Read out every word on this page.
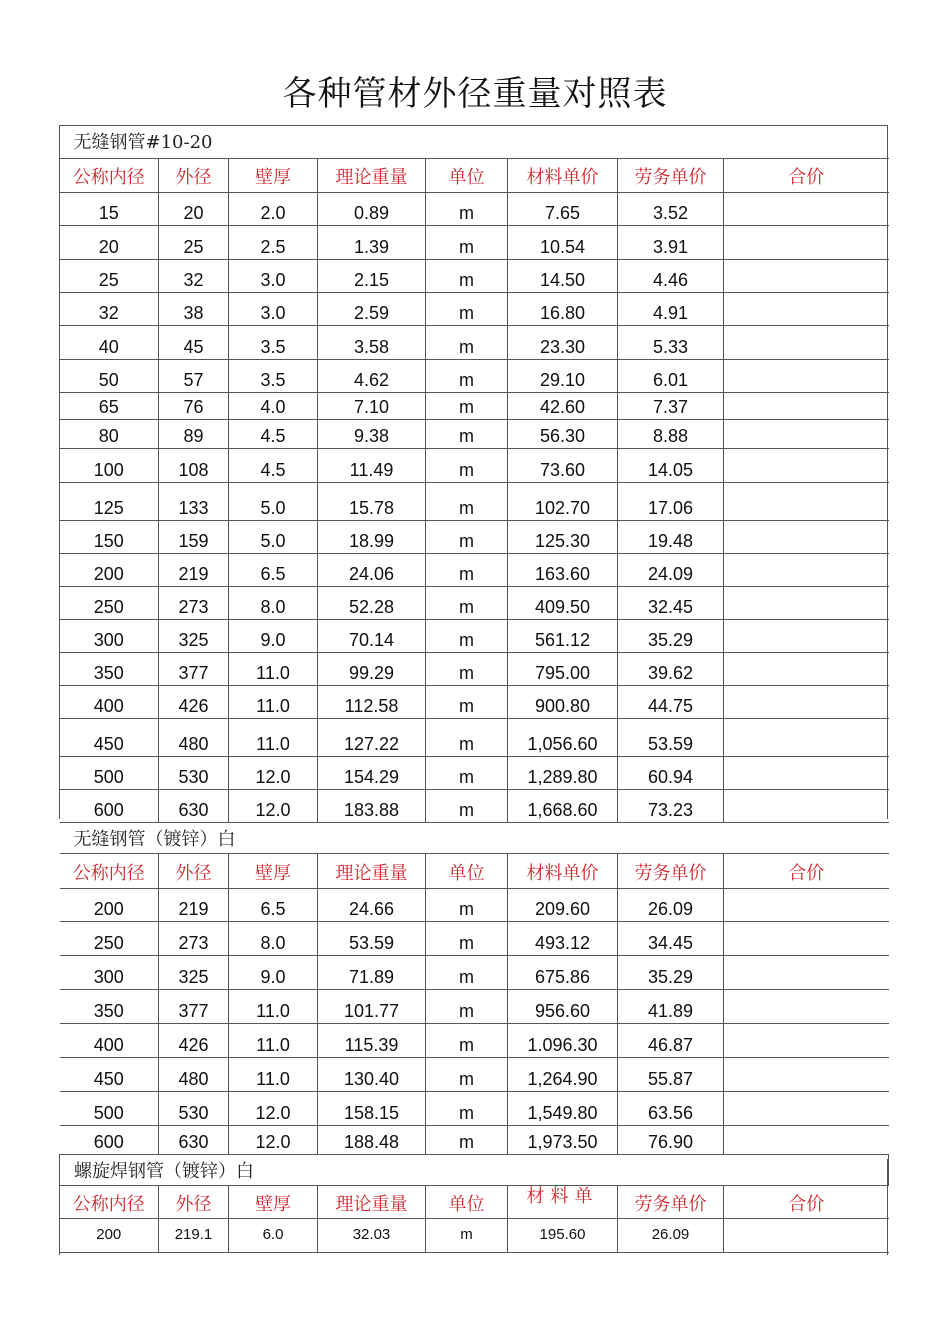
各种管材外径重量对照表
无缝钢管#10-20							
公称内径	外径	壁厚	理论重量	单位	材料单价	劳务单价	合价
15	20	2.0	0.89	m	7.65	3.52	
20	25	2.5	1.39	m	10.54	3.91	
25	32	3.0	2.15	m	14.50	4.46	
32	38	3.0	2.59	m	16.80	4.91	
40	45	3.5	3.58	m	23.30	5.33	
50	57	3.5	4.62	m	29.10	6.01	
65	76	4.0	7.10	m	42.60	7.37	
80	89	4.5	9.38	m	56.30	8.88	
100	108	4.5	11.49	m	73.60	14.05	
125	133	5.0	15.78	m	102.70	17.06	
150	159	5.0	18.99	m	125.30	19.48	
200	219	6.5	24.06	m	163.60	24.09	
250	273	8.0	52.28	m	409.50	32.45	
300	325	9.0	70.14	m	561.12	35.29	
350	377	11.0	99.29	m	795.00	39.62	
400	426	11.0	112.58	m	900.80	44.75	
450	480	11.0	127.22	m	1,056.60	53.59	
500	530	12.0	154.29	m	1,289.80	60.94	
600	630	12.0	183.88	m	1,668.60	73.23	
无缝钢管（镀锌）白							
公称内径	外径	壁厚	理论重量	单位	材料单价	劳务单价	合价
200	219	6.5	24.66	m	209.60	26.09	
250	273	8.0	53.59	m	493.12	34.45	
300	325	9.0	71.89	m	675.86	35.29	
350	377	11.0	101.77	m	956.60	41.89	
400	426	11.0	115.39	m	1.096.30	46.87	
450	480	11.0	130.40	m	1,264.90	55.87	
500	530	12.0	158.15	m	1,549.80	63.56	
600	630	12.0	188.48	m	1,973.50	76.90	
螺旋焊钢管（镀锌）白							
公称内径	外径	壁厚	理论重量	单位	材料单	劳务单价	合价
200	219.1	6.0	32.03	m	195.60	26.09	
